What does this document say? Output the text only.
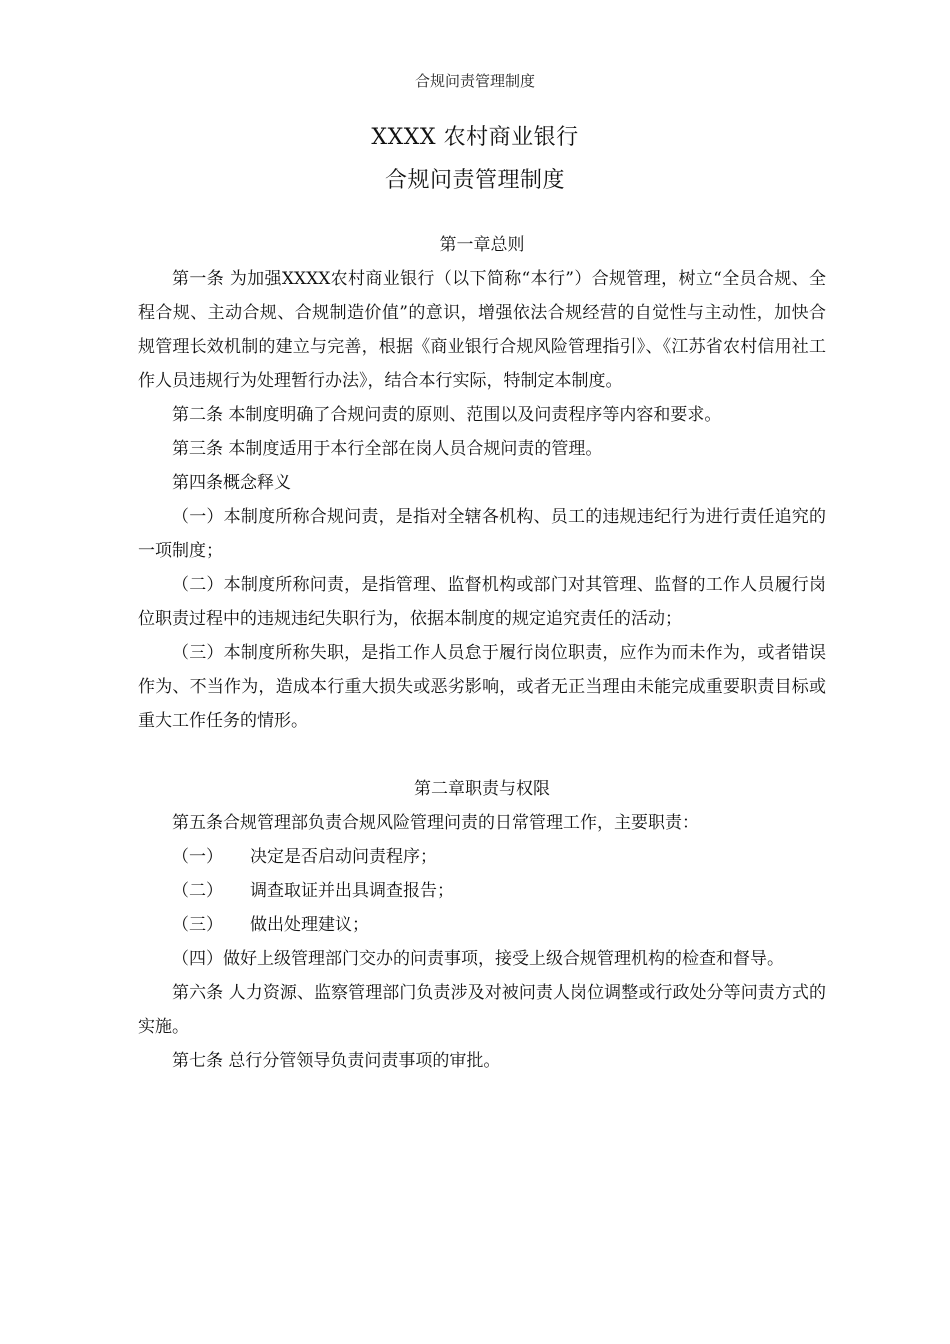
合规问责管理制度
XXXX 农村商业银行
合规问责管理制度

第一章总则

第一条 为加强XXXX农村商业银行（以下简称“本行”）合规管理，树立“全员合规、全程合规、主动合规、合规制造价值”的意识，增强依法合规经营的自觉性与主动性，加快合规管理长效机制的建立与完善，根据《商业银行合规风险管理指引》、《江苏省农村信用社工作人员违规行为处理暂行办法》，结合本行实际，特制定本制度。

第二条 本制度明确了合规问责的原则、范围以及问责程序等内容和要求。

第三条 本制度适用于本行全部在岗人员合规问责的管理。

第四条概念释义

（一）本制度所称合规问责，是指对全辖各机构、员工的违规违纪行为进行责任追究的一项制度；

（二）本制度所称问责，是指管理、监督机构或部门对其管理、监督的工作人员履行岗位职责过程中的违规违纪失职行为，依据本制度的规定追究责任的活动；

（三）本制度所称失职，是指工作人员怠于履行岗位职责，应作为而未作为，或者错误作为、不当作为，造成本行重大损失或恶劣影响，或者无正当理由未能完成重要职责目标或重大工作任务的情形。

第二章职责与权限

第五条合规管理部负责合规风险管理问责的日常管理工作，主要职责：

（一） 决定是否启动问责程序；

（二） 调查取证并出具调查报告；

（三） 做出处理建议；

（四）做好上级管理部门交办的问责事项，接受上级合规管理机构的检查和督导。

第六条 人力资源、监察管理部门负责涉及对被问责人岗位调整或行政处分等问责方式的实施。

第七条 总行分管领导负责问责事项的审批。
